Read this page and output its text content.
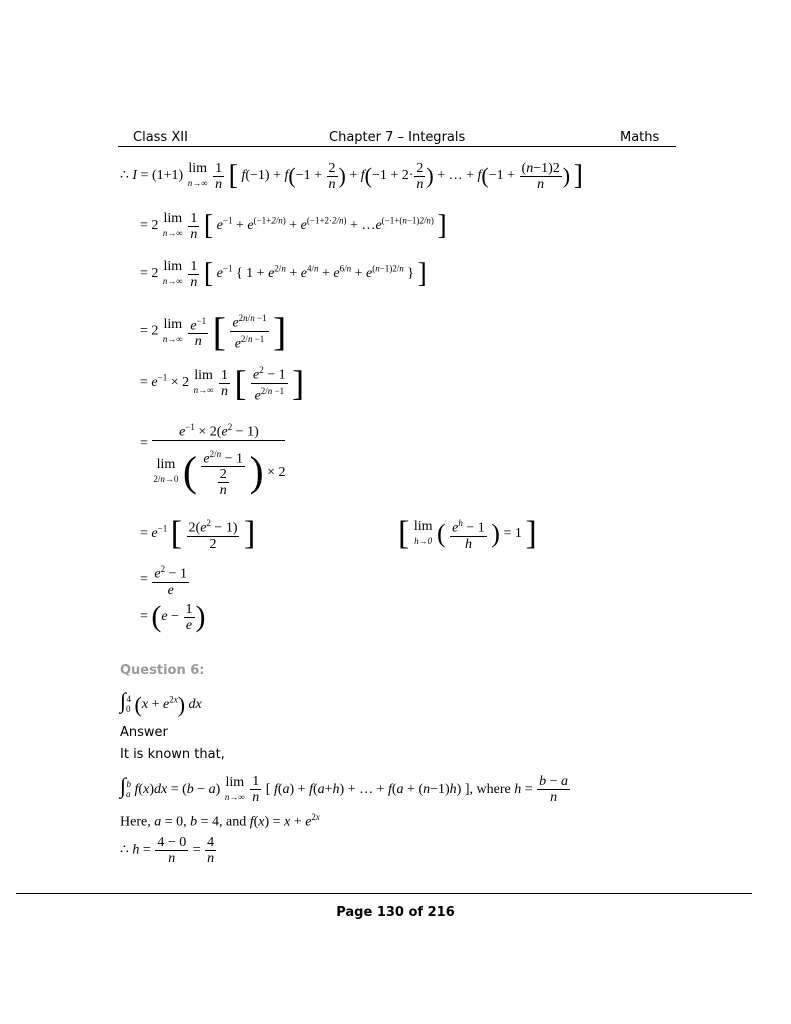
Class XII	Chapter 7 – Integrals	Maths
∴ I = (1+1) lim
n→∞
$\frac{1}{n}$ [ $f(-1) + f(-1 + \frac{2}{n}$ ) + $f(-1 + 2\cdot \frac{2}{n}$ ) + … + $f(-1 + \frac{(n-1)2}{n}$ ) ]
= 2 lim
n→∞
$\frac{1}{n}$ [ $e^{-1} + e^{(-1+2/n)} + e^{(-1+2\cdot 2/n)}$ + $\dots e^{(-1+(n-1)2/n)}$ ]
= 2 lim
n→∞
$\frac{1}{n}$ [ $e^{-1}$ { $1 + e^{2/n} + e^{4/n} + e^{6/n} + e^{(n-1)2/n}$ } ]
= 2 lim
n→∞
$\frac{e^{-1}}{n}$ [ $\frac{e^{2n/n -1}}{e^{2/n -1}}$ ]
= $e^{-1} \times 2$ lim
n→∞
$\frac{1}{n}$ [ $\frac{e^2 - 1}{e^{2/n -1}}$ ]
= $e^{-1} \times 2(e^2 - 1)$
lim
2/n→0 ( $\frac{e^{2/n} - 1}{\frac{2}{n}}$ ) × 2
= $e^{-1}$ [ $\frac{2(e^2 - 1)}{2}$ ]	[ lim
h→0 ( $\frac{e^h - 1}{h}$ ) = 1 ]
= $\frac{e^2 - 1}{e}$
= ($e - \frac{1}{e}$ )
Question 6:
$\int_0^4$ $(x + e^{2x})$ dx
Answer
It is known that,
$\int_a^b$ f(x)dx = (b − a) lim
n→∞
$\frac{1}{n}$ [ f(a) + f(a+h) + … + f(a + (n−1)h) ], where $h = \frac{b - a}{n}$
Here, a = 0, b = 4, and $f(x) = x + e^{2x}$
∴ $h = \frac{4 - 0}{n} = \frac{4}{n}$
Page 130 of 216
